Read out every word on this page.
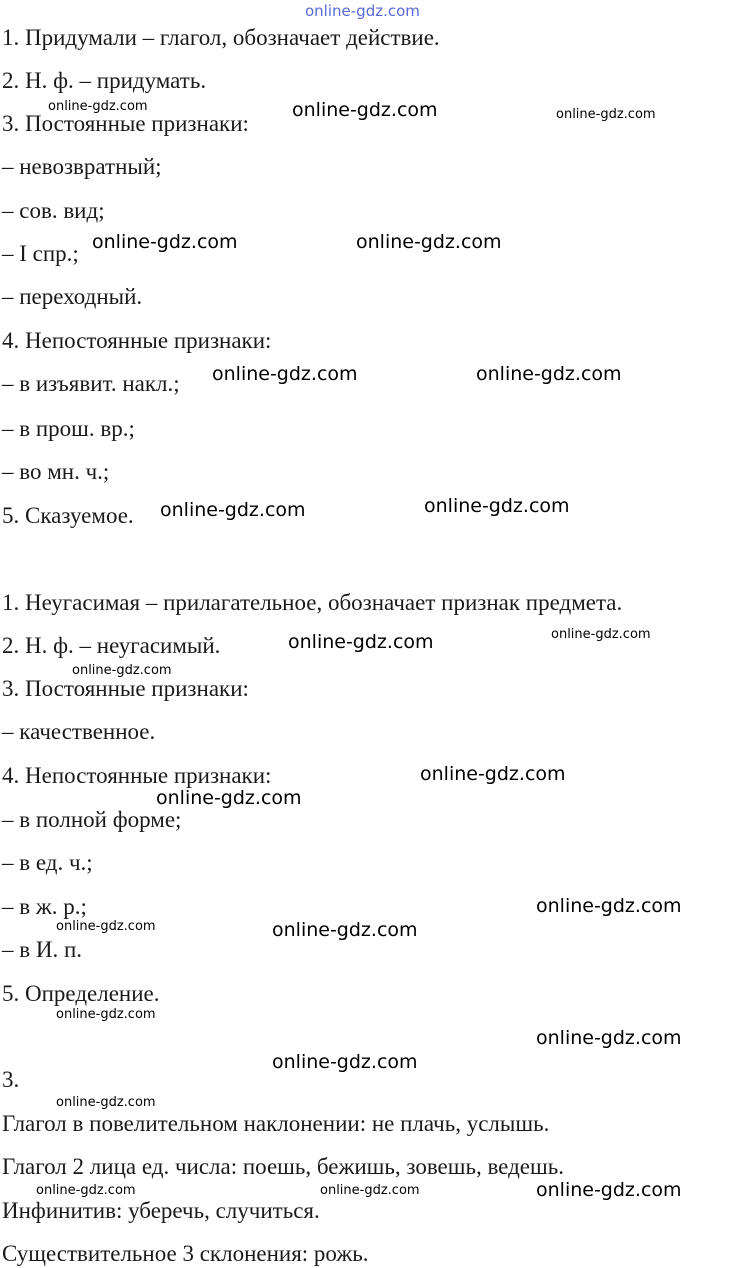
online-gdz.com
1. Придумали – глагол, обозначает действие.
2. Н. ф. – придумать.
3. Постоянные признаки:
– невозвратный;
– сов. вид;
– I спр.;
– переходный.
4. Непостоянные признаки:
– в изъявит. накл.;
– в прош. вр.;
– во мн. ч.;
5. Сказуемое.
1. Неугасимая – прилагательное, обозначает признак предмета.
2. Н. ф. – неугасимый.
3. Постоянные признаки:
– качественное.
4. Непостоянные признаки:
– в полной форме;
– в ед. ч.;
– в ж. р.;
– в И. п.
5. Определение.
3.
Глагол в повелительном наклонении: не плачь, услышь.
Глагол 2 лица ед. числа: поешь, бежишь, зовешь, ведешь.
Инфинитив: уберечь, случиться.
Существительное 3 склонения: рожь.
online-gdz.com	online-gdz.com	online-gdz.com
online-gdz.com	online-gdz.com
online-gdz.com	online-gdz.com
online-gdz.com	online-gdz.com
online-gdz.com	online-gdz.com
online-gdz.com
online-gdz.com
online-gdz.com
online-gdz.com
online-gdz.com	online-gdz.com
online-gdz.com
online-gdz.com
online-gdz.com
online-gdz.com
online-gdz.com	online-gdz.com	online-gdz.com
